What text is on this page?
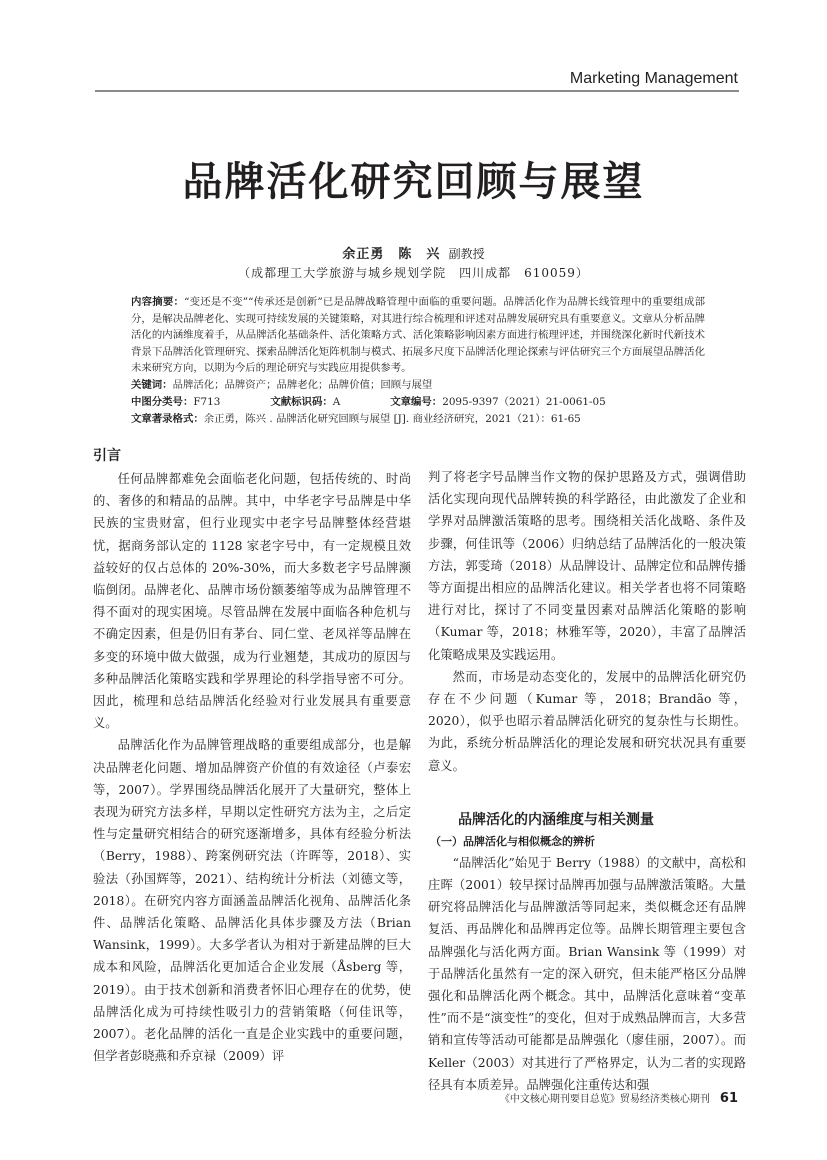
Marketing Management
品牌活化研究回顾与展望
余正勇　陈　兴 副教授
（成都理工大学旅游与城乡规划学院　四川成都　610059）
内容摘要：“变还是不变”“传承还是创新”已是品牌战略管理中面临的重要问题。品牌活化作为品牌长线管理中的重要组成部分，是解决品牌老化、实现可持续发展的关键策略，对其进行综合梳理和评述对品牌发展研究具有重要意义。文章从分析品牌活化的内涵维度着手，从品牌活化基础条件、活化策略方式、活化策略影响因素方面进行梳理评述，并围绕深化新时代新技术背景下品牌活化管理研究、探索品牌活化矩阵机制与模式、拓展多尺度下品牌活化理论探索与评估研究三个方面展望品牌活化未来研究方向，以期为今后的理论研究与实践应用提供参考。
关键词：品牌活化；品牌资产；品牌老化；品牌价值；回顾与展望
中图分类号：F713	文献标识码：A	文章编号：2095-9397（2021）21-0061-05
文章著录格式：余正勇，陈兴 . 品牌活化研究回顾与展望 [J]. 商业经济研究，2021（21）：61-65
引言

任何品牌都难免会面临老化问题，包括传统的、时尚的、奢侈的和精品的品牌。其中，中华老字号品牌是中华民族的宝贵财富，但行业现实中老字号品牌整体经营堪忧，据商务部认定的 1128 家老字号中，有一定规模且效益较好的仅占总体的 20%-30%，而大多数老字号品牌濒临倒闭。品牌老化、品牌市场份额萎缩等成为品牌管理不得不面对的现实困境。尽管品牌在发展中面临各种危机与不确定因素，但是仍旧有茅台、同仁堂、老凤祥等品牌在多变的环境中做大做强，成为行业翘楚，其成功的原因与多种品牌活化策略实践和学界理论的科学指导密不可分。因此，梳理和总结品牌活化经验对行业发展具有重要意义。

品牌活化作为品牌管理战略的重要组成部分，也是解决品牌老化问题、增加品牌资产价值的有效途径（卢泰宏等，2007）。学界围绕品牌活化展开了大量研究，整体上表现为研究方法多样，早期以定性研究方法为主，之后定性与定量研究相结合的研究逐渐增多，具体有经验分析法（Berry，1988）、跨案例研究法（许晖等，2018）、实验法（孙国辉等，2021）、结构统计分析法（刘德文等，2018）。在研究内容方面涵盖品牌活化视角、品牌活化条件、品牌活化策略、品牌活化具体步骤及方法（Brian Wansink，1999）。大多学者认为相对于新建品牌的巨大成本和风险，品牌活化更加适合企业发展（Åsberg 等，2019）。由于技术创新和消费者怀旧心理存在的优势，使品牌活化成为可持续性吸引力的营销策略（何佳讯等，2007）。老化品牌的活化一直是企业实践中的重要问题，但学者彭晓燕和乔京禄（2009）评

判了将老字号品牌当作文物的保护思路及方式，强调借助活化实现向现代品牌转换的科学路径，由此激发了企业和学界对品牌激活策略的思考。围绕相关活化战略、条件及步骤，何佳讯等（2006）归纳总结了品牌活化的一般决策方法，郭雯琦（2018）从品牌设计、品牌定位和品牌传播等方面提出相应的品牌活化建议。相关学者也将不同策略进行对比，探讨了不同变量因素对品牌活化策略的影响（Kumar 等，2018；林雅军等，2020），丰富了品牌活化策略成果及实践运用。

然而，市场是动态变化的，发展中的品牌活化研究仍存在不少问题（Kumar 等，2018；Brandão 等，2020），似乎也昭示着品牌活化研究的复杂性与长期性。为此，系统分析品牌活化的理论发展和研究状况具有重要意义。

品牌活化的内涵维度与相关测量
（一）品牌活化与相似概念的辨析

“品牌活化”始见于 Berry（1988）的文献中，高松和庄晖（2001）较早探讨品牌再加强与品牌激活策略。大量研究将品牌活化与品牌激活等同起来，类似概念还有品牌复活、再品牌化和品牌再定位等。品牌长期管理主要包含品牌强化与活化两方面。Brian Wansink 等（1999）对于品牌活化虽然有一定的深入研究，但未能严格区分品牌强化和品牌活化两个概念。其中，品牌活化意味着“变革性”而不是“演变性”的变化，但对于成熟品牌而言，大多营销和宣传等活动可能都是品牌强化（廖佳丽，2007）。而 Keller（2003）对其进行了严格界定，认为二者的实现路径具有本质差异。品牌强化注重传达和强

《中文核心期刊要目总览》贸易经济类核心期刊 61
